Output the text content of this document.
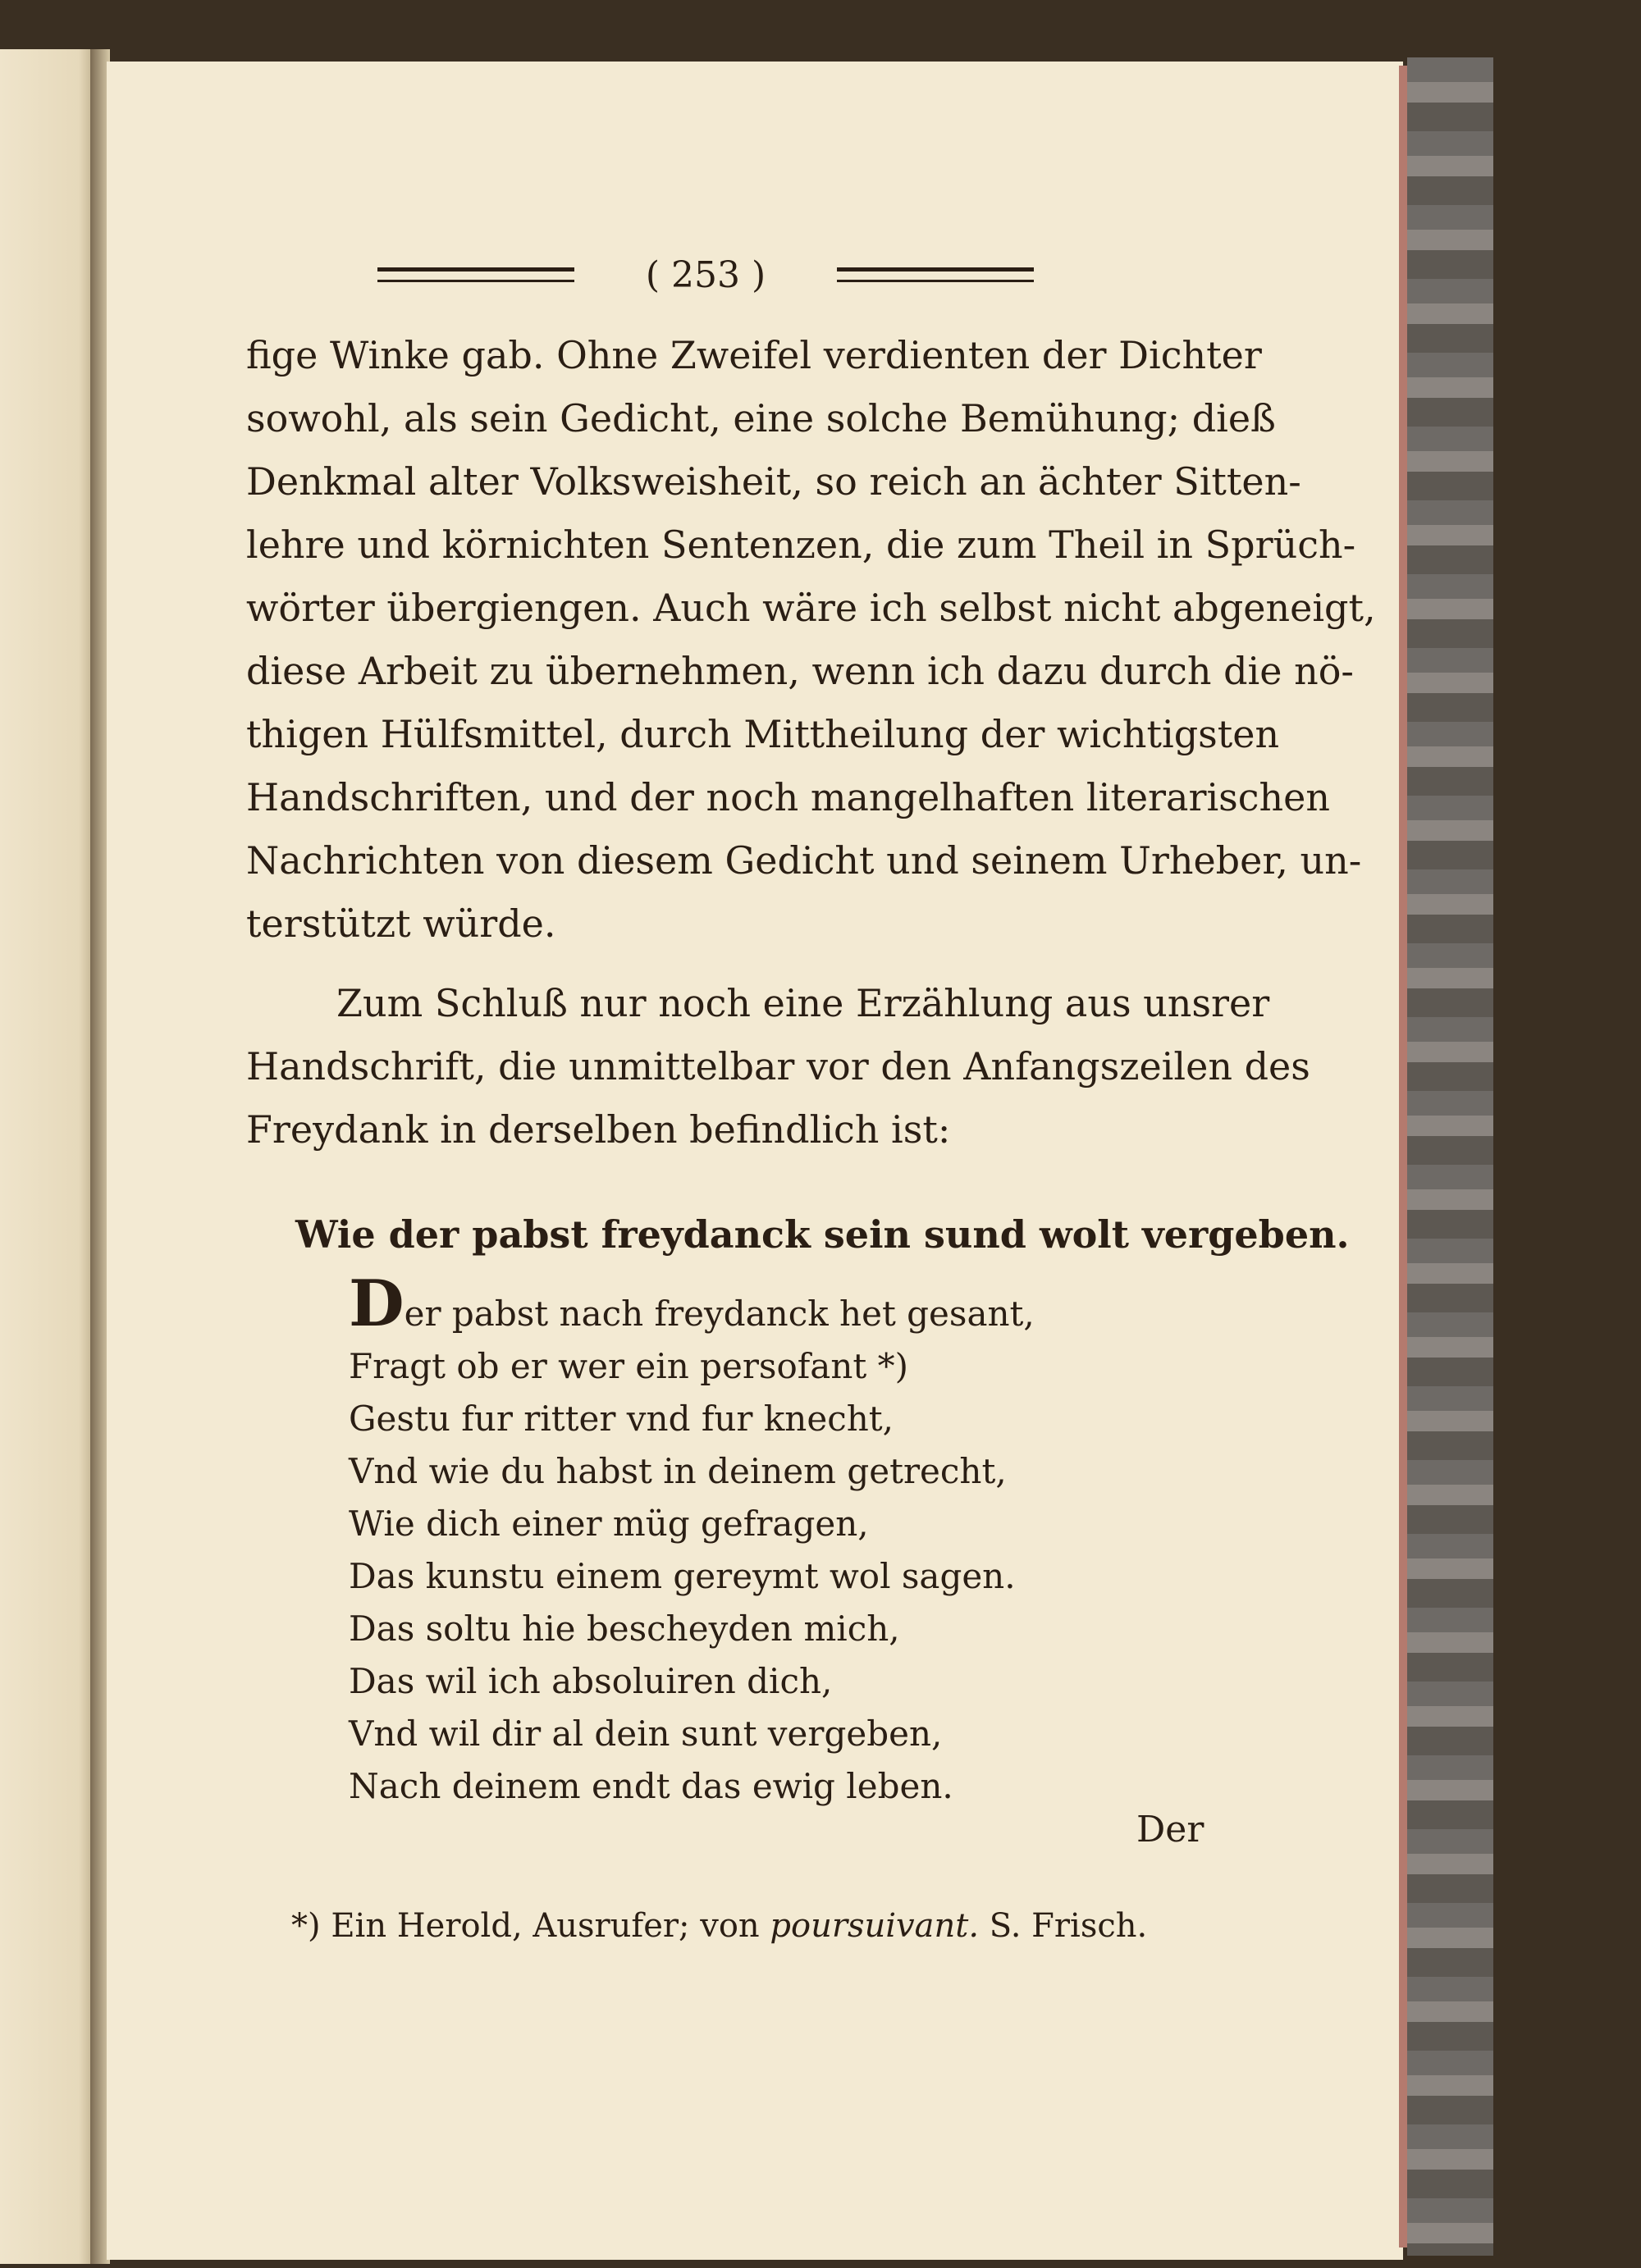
( 253 )
fige Winke gab. Ohne Zweifel verdienten der Dichter
sowohl, als sein Gedicht, eine solche Bemühung; dieß
Denkmal alter Volksweisheit, so reich an ächter Sitten-
lehre und körnichten Sentenzen, die zum Theil in Sprüch-
wörter übergiengen. Auch wäre ich selbst nicht abgeneigt,
diese Arbeit zu übernehmen, wenn ich dazu durch die nö-
thigen Hülfsmittel, durch Mittheilung der wichtigsten
Handschriften, und der noch mangelhaften literarischen
Nachrichten von diesem Gedicht und seinem Urheber, un-
terstützt würde.
Zum Schluß nur noch eine Erzählung aus unsrer
Handschrift, die unmittelbar vor den Anfangszeilen des
Freydank in derselben befindlich ist:
Wie der pabst freydanck sein sund wolt vergeben.
Der pabst nach freydanck het gesant,
Fragt ob er wer ein persofant *)
Gestu fur ritter vnd fur knecht,
Vnd wie du habst in deinem getrecht,
Wie dich einer müg gefragen,
Das kunstu einem gereymt wol sagen.
Das soltu hie bescheyden mich,
Das wil ich absoluiren dich,
Vnd wil dir al dein sunt vergeben,
Nach deinem endt das ewig leben.
Der
*) Ein Herold, Ausrufer; von poursuivant. S. Frisch.
